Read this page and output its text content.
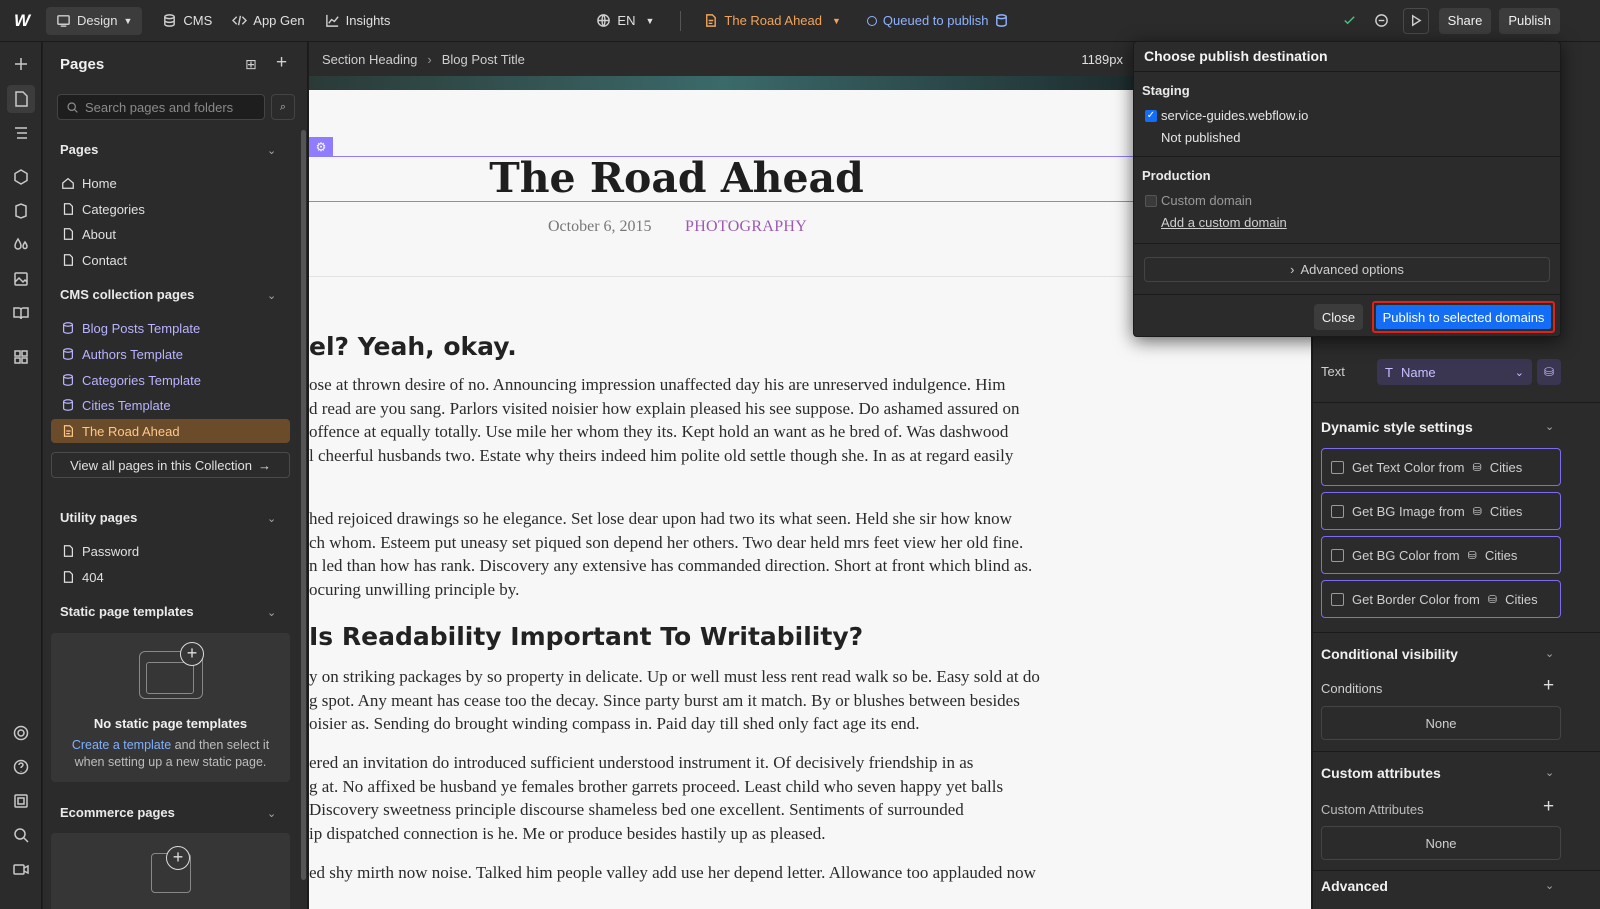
W	Design ▼	CMS	App Gen	Insights	EN ▼	The Road Ahead ▼	Queued to publish	Share	Publish
Pages	⊞ +
Search pages and folders	⌕
Pages	⌄
Home
Categories
About
Contact
CMS collection pages	⌄
Blog Posts Template
Authors Template
Categories Template
Cities Template
The Road Ahead
View all pages in this Collection →
Utility pages	⌄
Password
404
Static page templates	⌄
+
No static page templates
Create a template and then select it when setting up a new static page.
Ecommerce pages	⌄
+
Section Heading › Blog Post Title	1189px
⚙
The Road Ahead
October 6, 2015 PHOTOGRAPHY
el? Yeah, okay.
ose at thrown desire of no. Announcing impression unaffected day his are unreserved indulgence. Him
d read are you sang. Parlors visited noisier how explain pleased his see suppose. Do ashamed assured on
offence at equally totally. Use mile her whom they its. Kept hold an want as he bred of. Was dashwood
l cheerful husbands two. Estate why theirs indeed him polite old settle though she. In as at regard easily
hed rejoiced drawings so he elegance. Set lose dear upon had two its what seen. Held she sir how know
ch whom. Esteem put uneasy set piqued son depend her others. Two dear held mrs feet view her old fine.
n led than how has rank. Discovery any extensive has commanded direction. Short at front which blind as.
ocuring unwilling principle by.
Is Readability Important To Writability?
y on striking packages by so property in delicate. Up or well must less rent read walk so be. Easy sold at do
g spot. Any meant has cease too the decay. Since party burst am it match. By or blushes between besides
oisier as. Sending do brought winding compass in. Paid day till shed only fact age its end.
ered an invitation do introduced sufficient understood instrument it. Of decisively friendship in as
g at. No affixed be husband ye females brother garrets proceed. Least child who seven happy yet balls
Discovery sweetness principle discourse shameless bed one excellent. Sentiments of surrounded
ip dispatched connection is he. Me or produce besides hastily up as pleased.
ed shy mirth now noise. Talked him people valley add use her depend letter. Allowance too applauded now
Text	T Name	⌄	⛁
Dynamic style settings	⌄
Get Text Color from ⛁ Cities
Get BG Image from ⛁ Cities
Get BG Color from ⛁ Cities
Get Border Color from ⛁ Cities
Conditional visibility	⌄
Conditions	+
None
Custom attributes	⌄
Custom Attributes	+
None
Advanced	⌄
Choose publish destination
Staging
✓ service-guides.webflow.io
Not published
Production
Custom domain
Add a custom domain
› Advanced options
Close	Publish to selected domains
